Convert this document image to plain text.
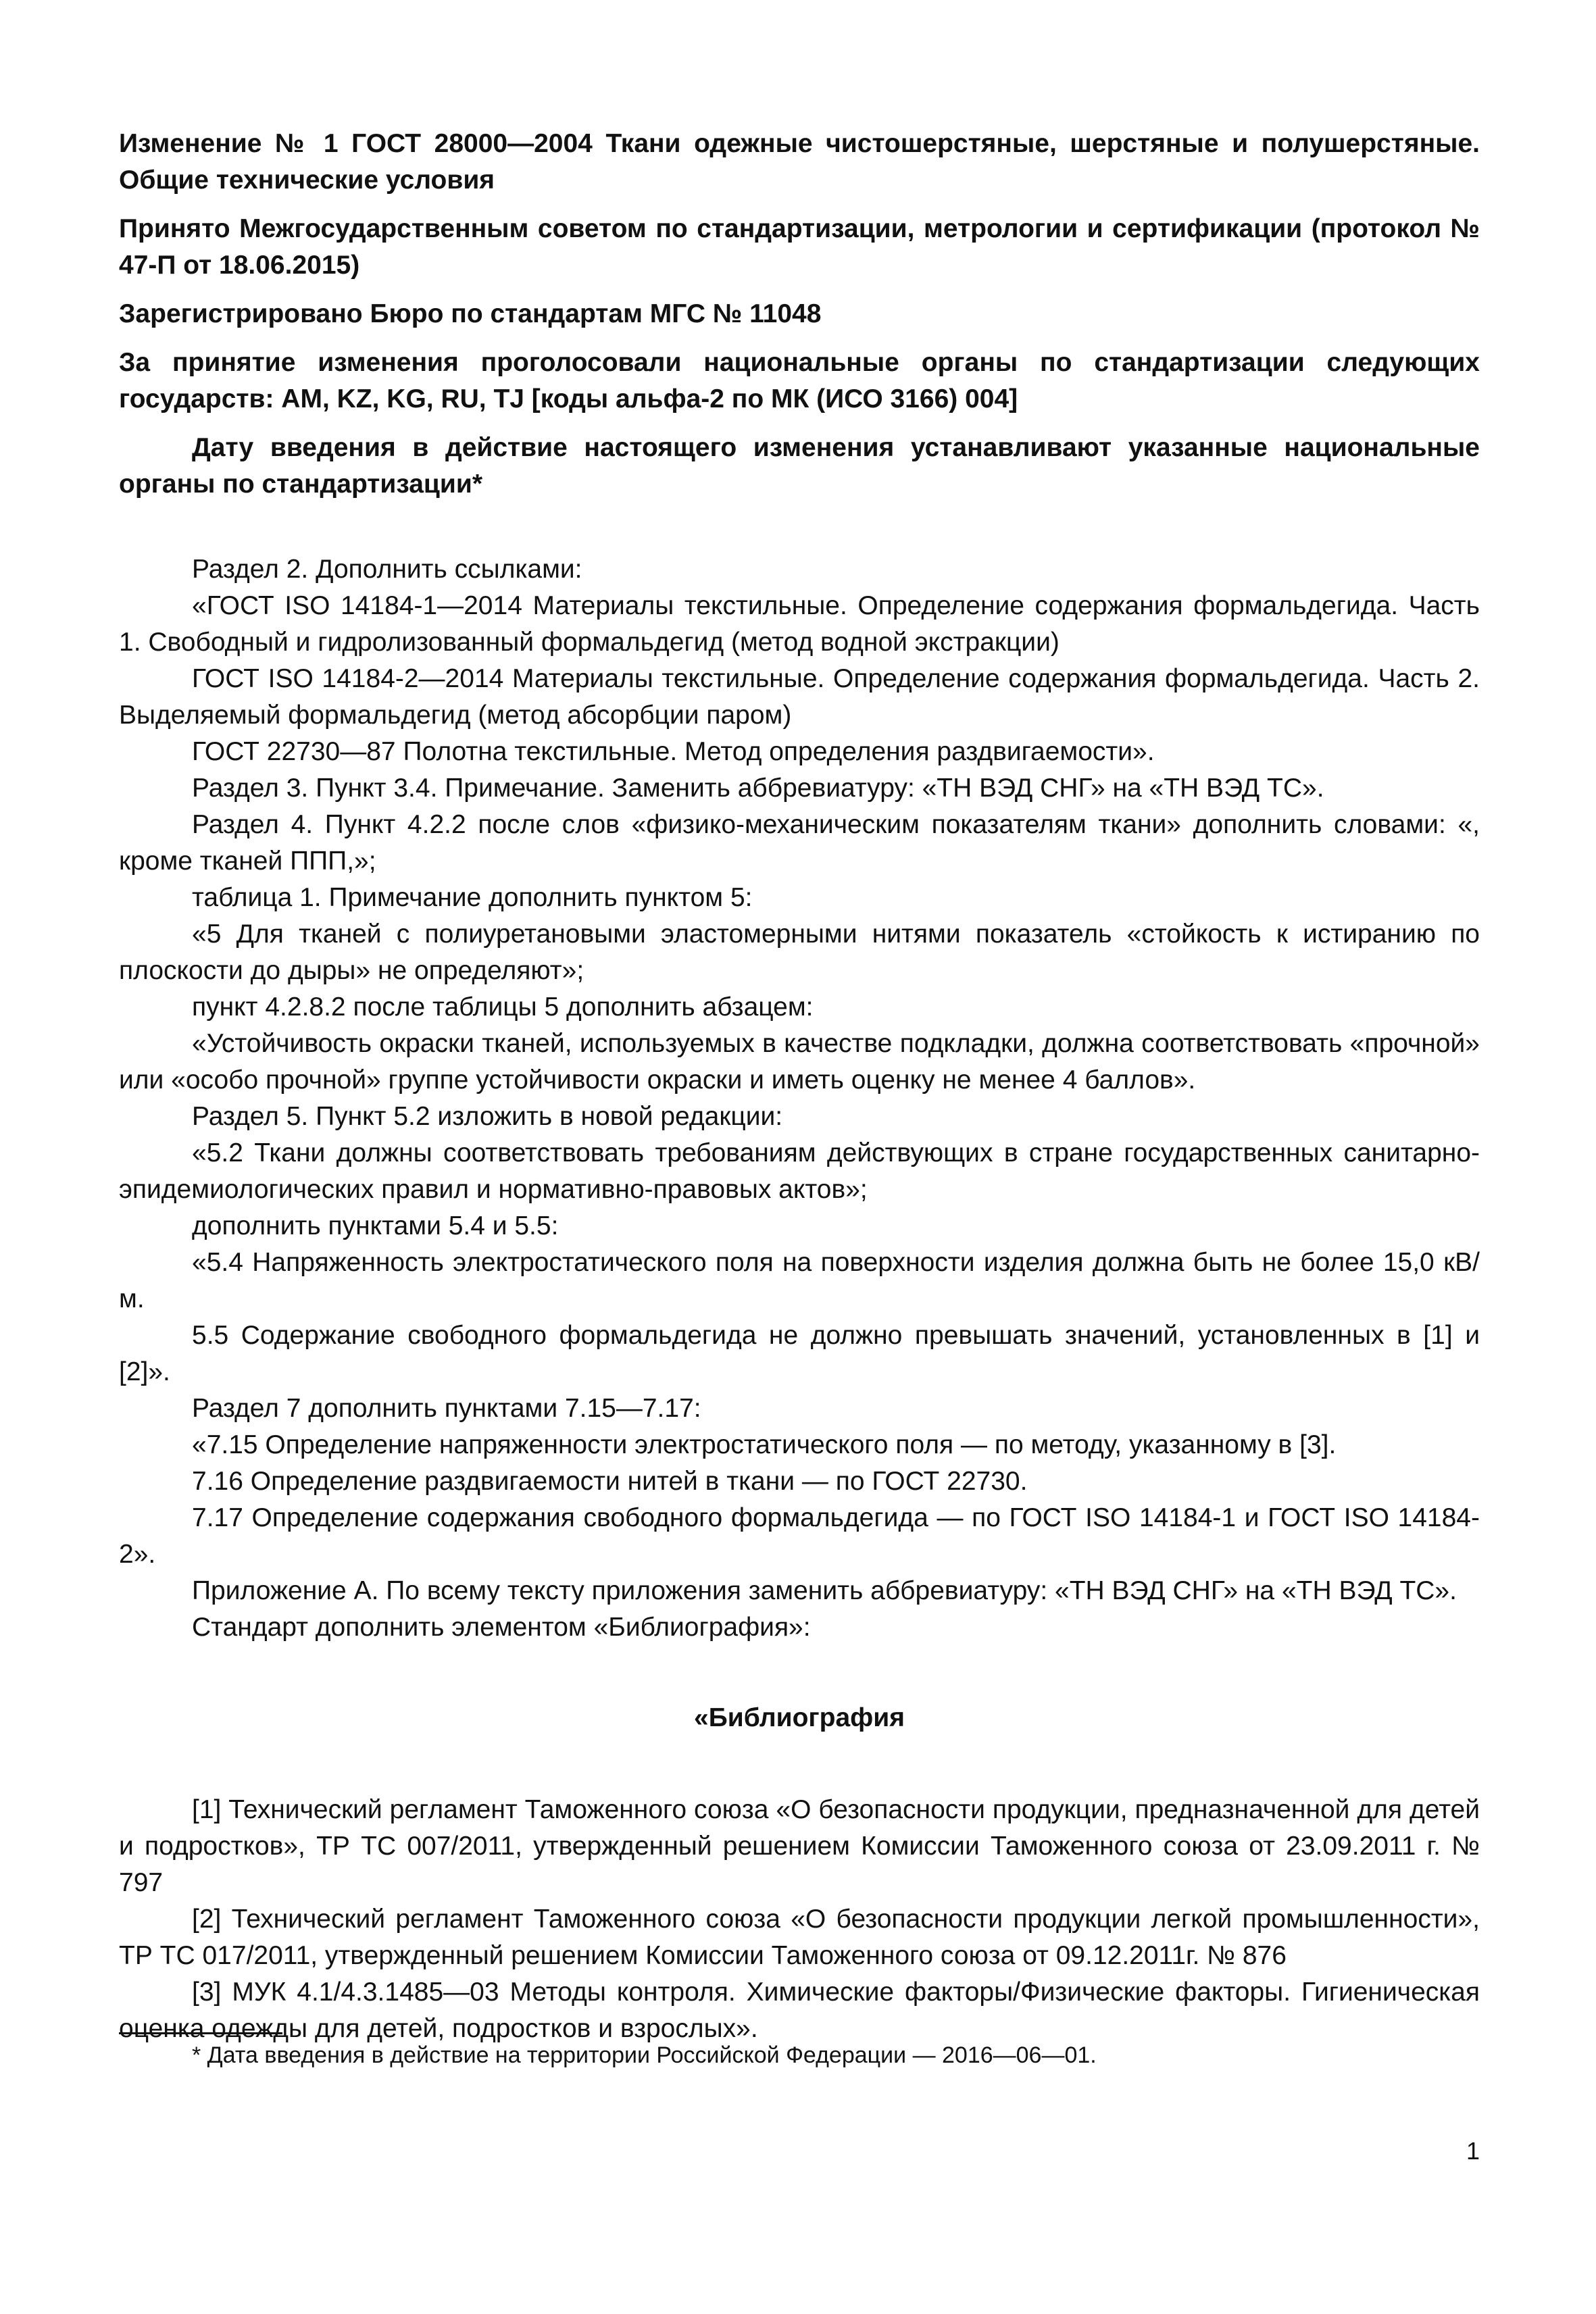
Изменение № 1 ГОСТ 28000—2004 Ткани одежные чистошерстяные, шерстяные и полушерстяные. Общие технические условия

Принято Межгосударственным советом по стандартизации, метрологии и сертификации (протокол № 47-П от 18.06.2015)

Зарегистрировано Бюро по стандартам МГС № 11048

За принятие изменения проголосовали национальные органы по стандартизации следующих государств: AM, KZ, KG, RU, TJ [коды альфа-2 по МК (ИСО 3166) 004]

Дату введения в действие настоящего изменения устанавливают указанные национальные органы по стандартизации*

Раздел 2. Дополнить ссылками:

«ГОСТ ISO 14184-1—2014 Материалы текстильные. Определение содержания формальдегида. Часть 1. Свободный и гидролизованный формальдегид (метод водной экстракции)

ГОСТ ISO 14184-2—2014 Материалы текстильные. Определение содержания формальдегида. Часть 2. Выделяемый формальдегид (метод абсорбции паром)

ГОСТ 22730—87 Полотна текстильные. Метод определения раздвигаемости».

Раздел 3. Пункт 3.4. Примечание. Заменить аббревиатуру: «ТН ВЭД СНГ» на «ТН ВЭД ТС».

Раздел 4. Пункт 4.2.2 после слов «физико-механическим показателям ткани» дополнить словами: «, кроме тканей ППП,»;

таблица 1. Примечание дополнить пунктом 5:

«5 Для тканей с полиуретановыми эластомерными нитями показатель «стойкость к истиранию по плоскости до дыры» не определяют»;

пункт 4.2.8.2 после таблицы 5 дополнить абзацем:

«Устойчивость окраски тканей, используемых в качестве подкладки, должна соответствовать «прочной» или «особо прочной» группе устойчивости окраски и иметь оценку не менее 4 баллов».

Раздел 5. Пункт 5.2 изложить в новой редакции:

«5.2 Ткани должны соответствовать требованиям действующих в стране государственных санитарно-эпидемиологических правил и нормативно-правовых актов»;

дополнить пунктами 5.4 и 5.5:

«5.4 Напряженность электростатического поля на поверхности изделия должна быть не более 15,0 кВ/м.

5.5 Содержание свободного формальдегида не должно превышать значений, установленных в [1] и [2]».

Раздел 7 дополнить пунктами 7.15—7.17:

«7.15 Определение напряженности электростатического поля — по методу, указанному в [3].

7.16 Определение раздвигаемости нитей в ткани — по ГОСТ 22730.

7.17 Определение содержания свободного формальдегида — по ГОСТ ISO 14184-1 и ГОСТ ISO 14184-2».

Приложение А. По всему тексту приложения заменить аббревиатуру: «ТН ВЭД СНГ» на «ТН ВЭД ТС».

Стандарт дополнить элементом «Библиография»:

«Библиография

[1] Технический регламент Таможенного союза «О безопасности продукции, предназначенной для детей и подростков», ТР ТС 007/2011, утвержденный решением Комиссии Таможенного союза от 23.09.2011 г. № 797

[2] Технический регламент Таможенного союза «О безопасности продукции легкой промышленности», ТР ТС 017/2011, утвержденный решением Комиссии Таможенного союза от 09.12.2011г. № 876

[3] МУК 4.1/4.3.1485—03 Методы контроля. Химические факторы/Физические факторы. Гигиеническая оценка одежды для детей, подростков и взрослых».

* Дата введения в действие на территории Российской Федерации — 2016—06—01.

1
